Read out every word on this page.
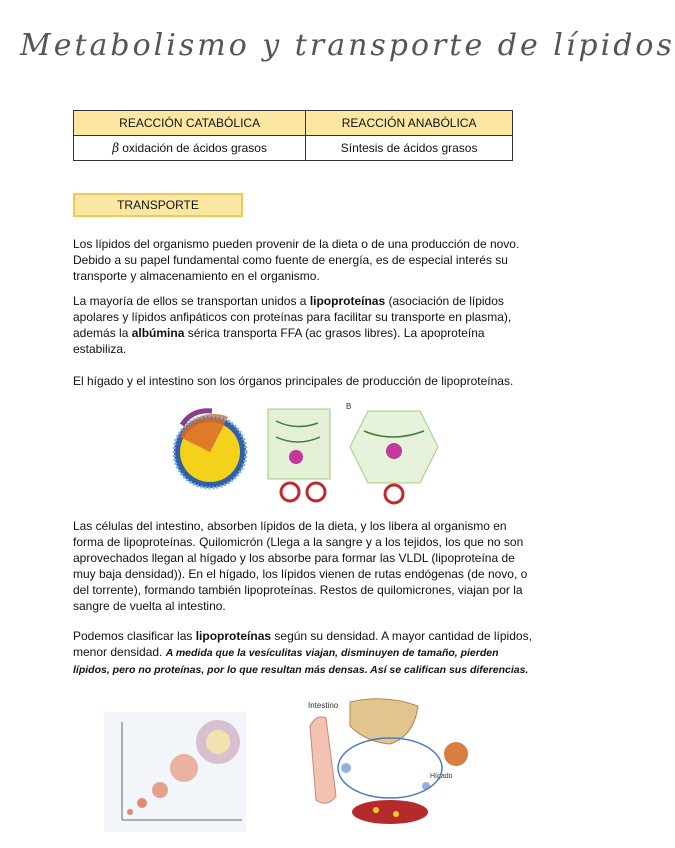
Metabolismo y transporte de lípidos
REACCIÓN CATABÓLICA	REACCIÓN ANABÓLICA
β oxidación de ácidos grasos	Síntesis de ácidos grasos
TRANSPORTE

Los lípidos del organismo pueden provenir de la dieta o de una producción de novo. Debido a su papel fundamental como fuente de energía, es de especial interés su transporte y almacenamiento en el organismo.

La mayoría de ellos se transportan unidos a lipoproteínas (asociación de lípidos apolares y lípidos anfipáticos con proteínas para facilitar su transporte en plasma), además la albúmina sérica transporta FFA (ac grasos libres). La apoproteína estabiliza.

El hígado y el intestino son los órganos principales de producción de lipoproteínas.

B

Las células del intestino, absorben lípidos de la dieta, y los libera al organismo en forma de lipoproteínas. Quilomicrón (Llega a la sangre y a los tejidos, los que no son aprovechados llegan al hígado y los absorbe para formar las VLDL (lipoproteína de muy baja densidad)). En el hígado, los lípidos vienen de rutas endógenas (de novo, o del torrente), formando también lipoproteínas. Restos de quilomicrones, viajan por la sangre de vuelta al intestino.

Podemos clasificar las lipoproteínas según su densidad. A mayor cantidad de lípidos, menor densidad. A medida que la vesículitas viajan, disminuyen de tamaño, pierden lípidos, pero no proteínas, por lo que resultan más densas. Así se califican sus diferencias.

Intestino
Hígado
